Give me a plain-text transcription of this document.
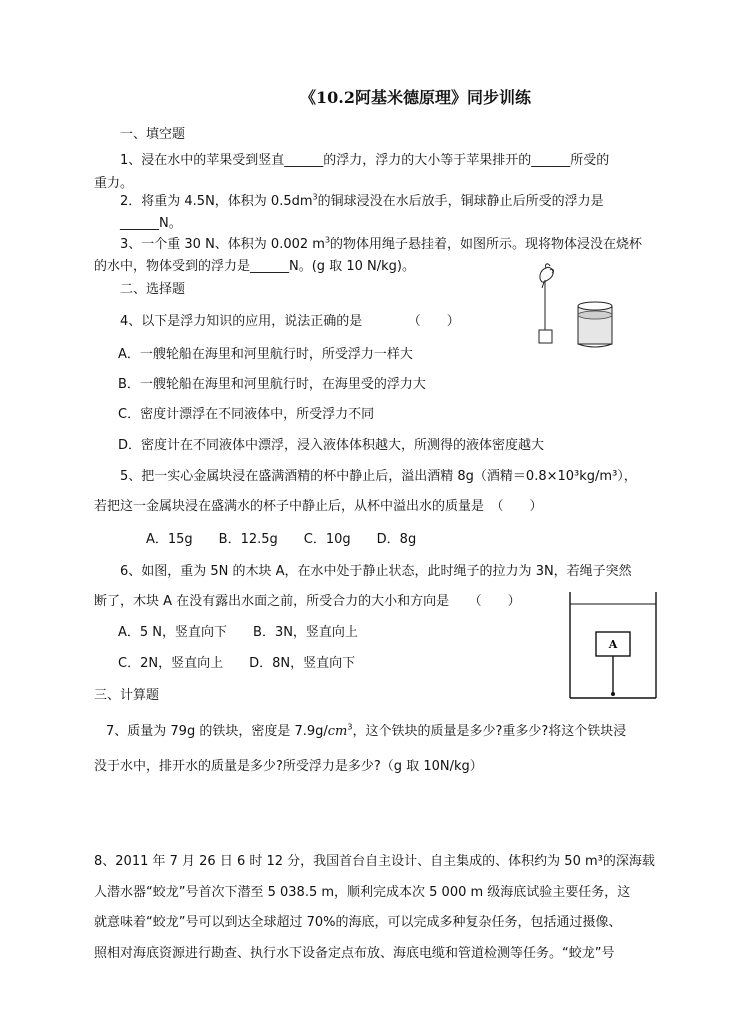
《10.2阿基米德原理》同步训练
一、填空题
1、浸在水中的苹果受到竖直______的浮力，浮力的大小等于苹果排开的______所受的
重力。
2．将重为 4.5N，体积为 $0.5dm^3$的铜球浸没在水后放手，铜球静止后所受的浮力是
______N。
3、一个重 30 N、体积为 0.002 $m^3$的物体用绳子悬挂着，如图所示。现将物体浸没在烧杯
的水中，物体受到的浮力是______N。(g 取 10 N/kg)。
二、选择题
4、以下是浮力知识的应用，说法正确的是　　　　（　　）
A．一艘轮船在海里和河里航行时，所受浮力一样大
B．一艘轮船在海里和河里航行时，在海里受的浮力大
C．密度计漂浮在不同液体中，所受浮力不同
D．密度计在不同液体中漂浮，浸入液体体积越大，所测得的液体密度越大
5、把一实心金属块浸在盛满酒精的杯中静止后，溢出酒精 8g（酒精＝0.8×10³kg/m³），
若把这一金属块浸在盛满水的杯子中静止后，从杯中溢出水的质量是　（　　）
A．15g　　B．12.5g　　C．10g　　D．8g
6、如图，重为 5N 的木块 A，在水中处于静止状态，此时绳子的拉力为 3N，若绳子突然
断了，木块 A 在没有露出水面之前，所受合力的大小和方向是　　（　　）
A．5 N，竖直向下　　B．3N，竖直向上
C．2N，竖直向上　　D．8N，竖直向下
三、计算题
7、质量为 79g 的铁块，密度是 $7.9g/cm^3$，这个铁块的质量是多少?重多少?将这个铁块浸
没于水中，排开水的质量是多少?所受浮力是多少?（g 取 10N/kg）
8、2011 年 7 月 26 日 6 时 12 分，我国首台自主设计、自主集成的、体积约为 50 m³的深海载
人潜水器“蛟龙”号首次下潜至 5 038.5 m，顺利完成本次 5 000 m 级海底试验主要任务，这
就意味着“蛟龙”号可以到达全球超过 70%的海底，可以完成多种复杂任务，包括通过摄像、
照相对海底资源进行勘查、执行水下设备定点布放、海底电缆和管道检测等任务。“蛟龙”号
A
